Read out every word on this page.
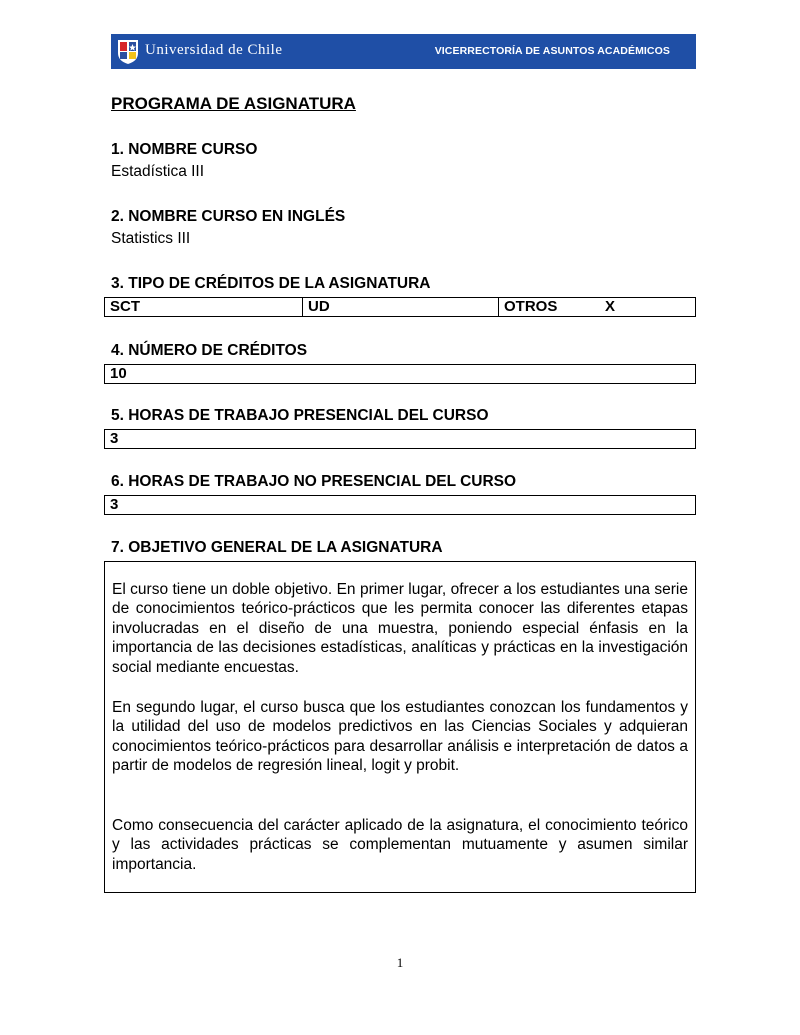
Universidad de Chile	VICERRECTORÍA DE ASUNTOS ACADÉMICOS
PROGRAMA DE ASIGNATURA
1. NOMBRE CURSO
Estadística III
2. NOMBRE CURSO EN INGLÉS
Statistics III
3. TIPO DE CRÉDITOS DE LA ASIGNATURA
SCT	UD	OTROS	X
4. NÚMERO DE CRÉDITOS
10
5. HORAS DE TRABAJO PRESENCIAL DEL CURSO
3
6. HORAS DE TRABAJO NO PRESENCIAL DEL CURSO
3
7. OBJETIVO GENERAL DE LA ASIGNATURA

El curso tiene un doble objetivo. En primer lugar, ofrecer a los estudiantes una serie de conocimientos teórico-prácticos que les permita conocer las diferentes etapas involucradas en el diseño de una muestra, poniendo especial énfasis en la importancia de las decisiones estadísticas, analíticas y prácticas en la investigación social mediante encuestas.

En segundo lugar, el curso busca que los estudiantes conozcan los fundamentos y la utilidad del uso de modelos predictivos en las Ciencias Sociales y adquieran conocimientos teórico-prácticos para desarrollar análisis e interpretación de datos a partir de modelos de regresión lineal, logit y probit.

Como consecuencia del carácter aplicado de la asignatura, el conocimiento teórico y las actividades prácticas se complementan mutuamente y asumen similar importancia.

1
